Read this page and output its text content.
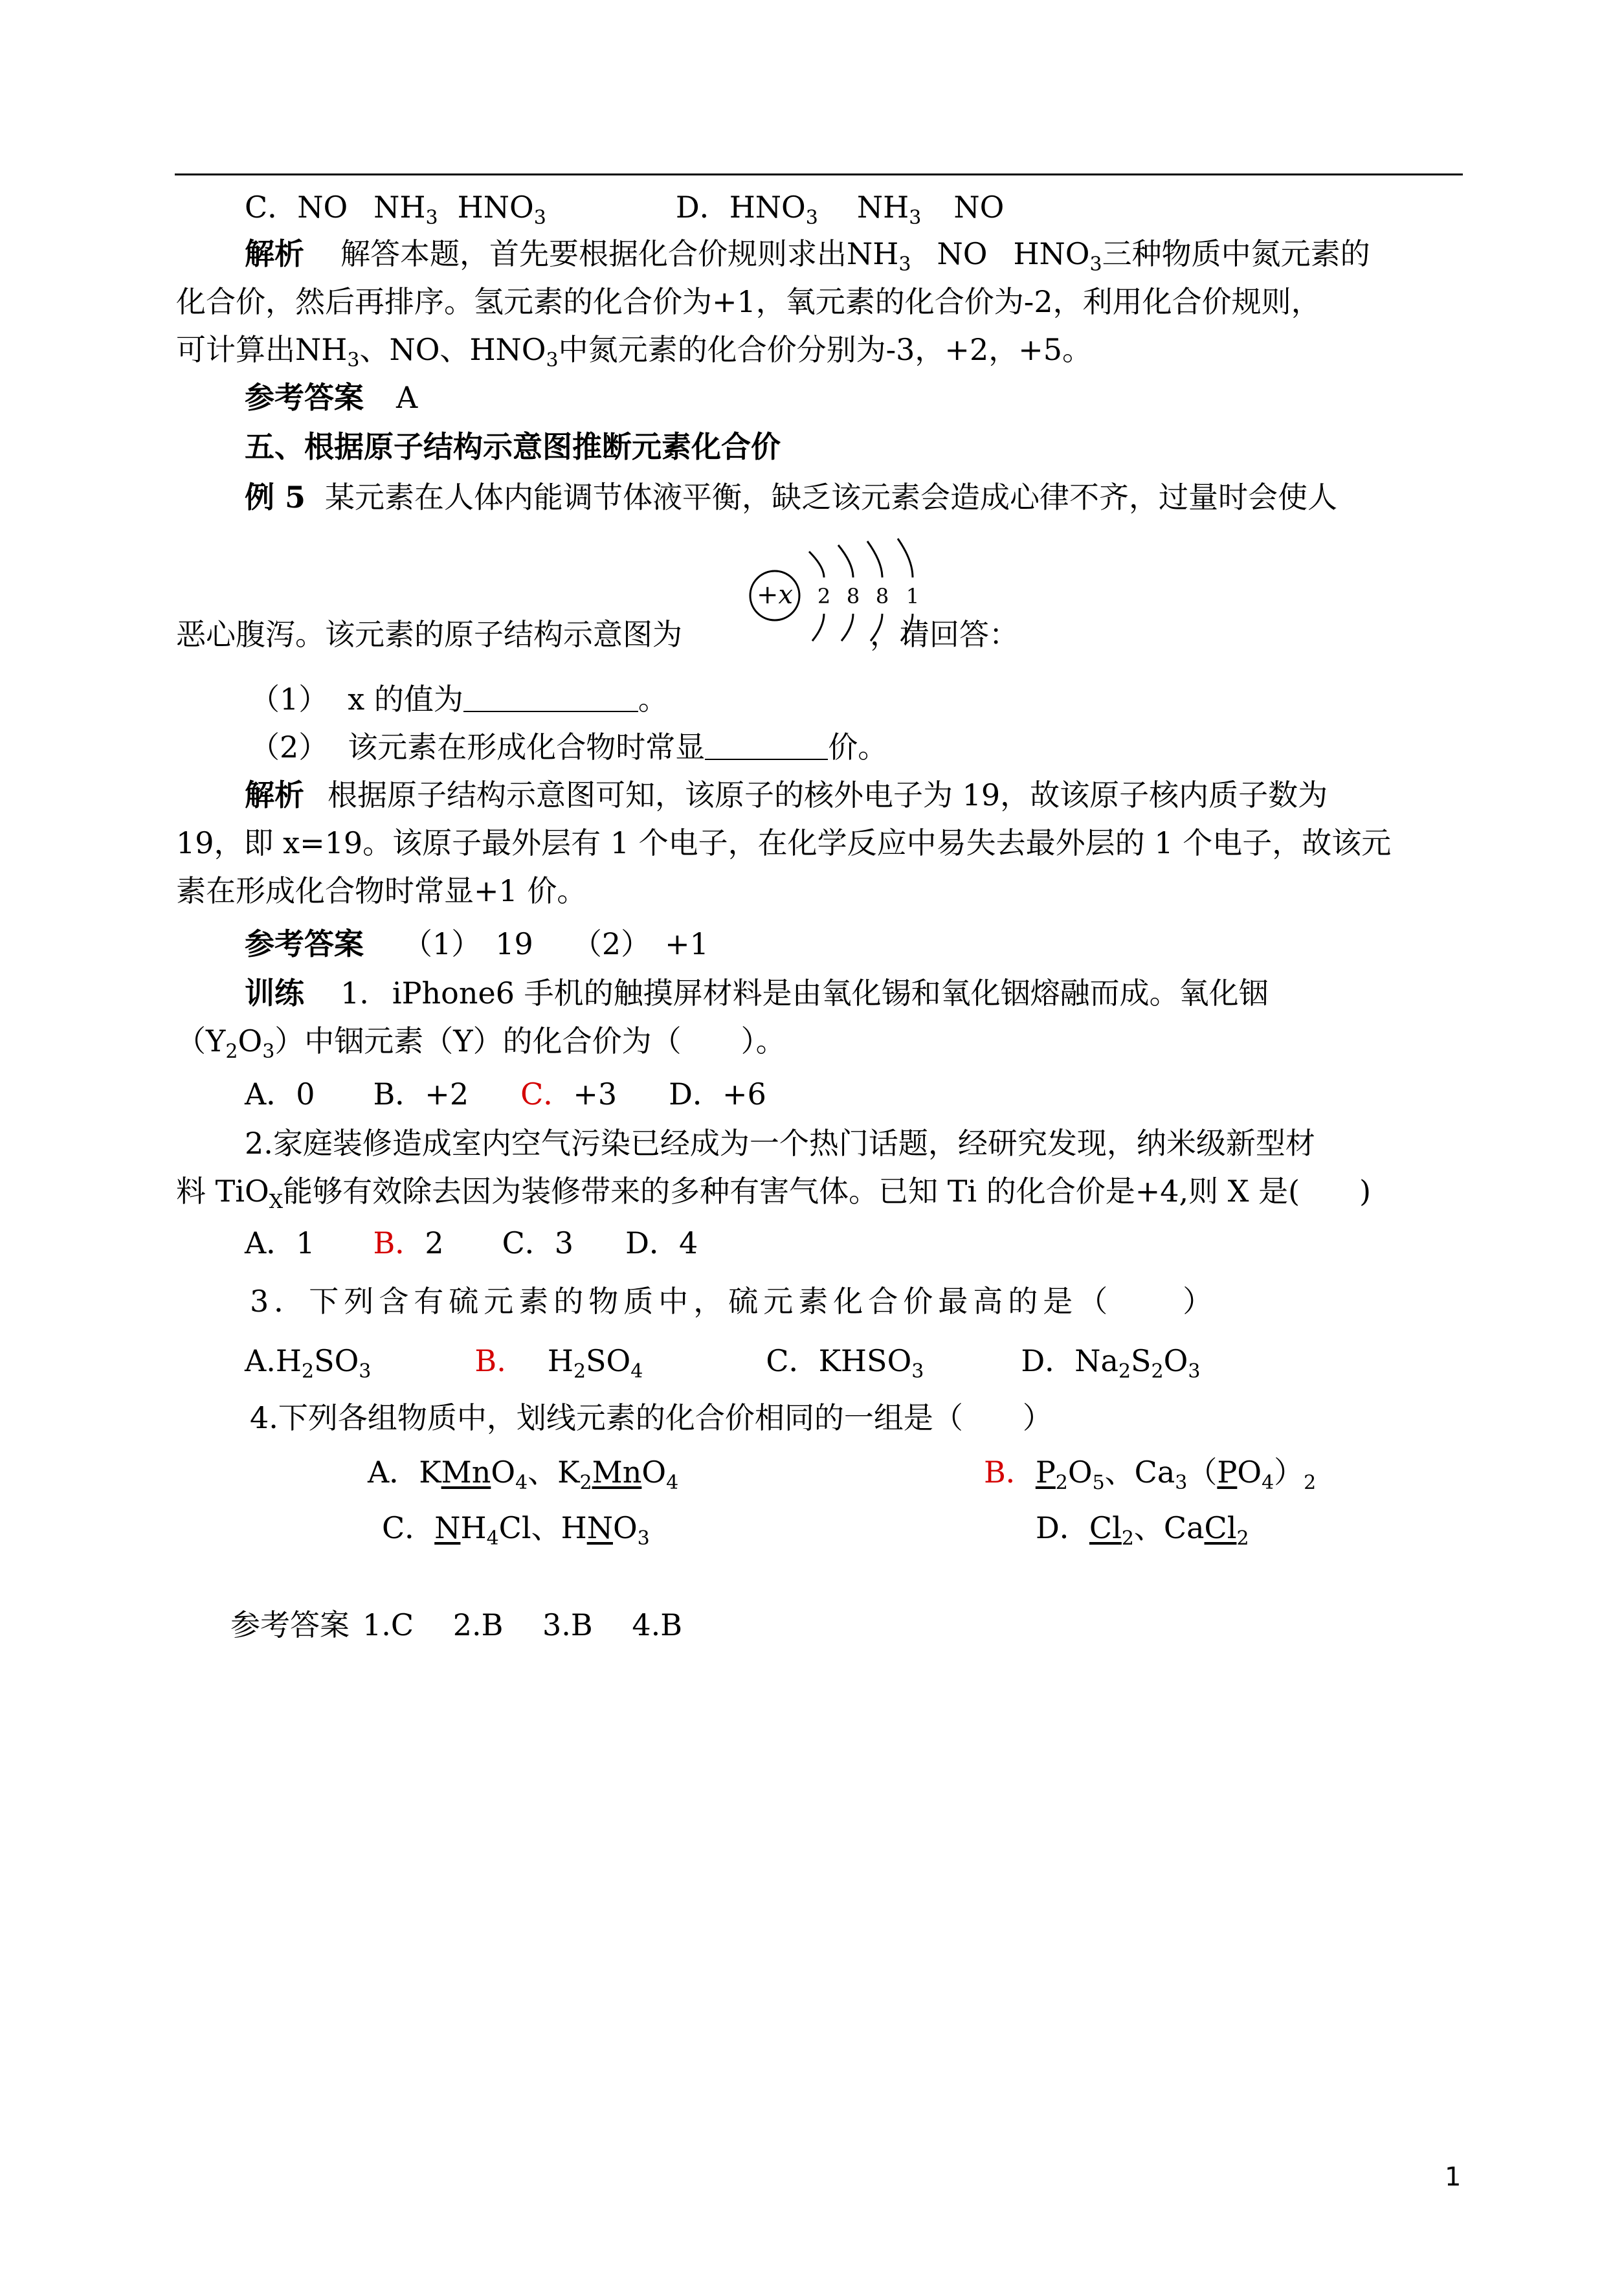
C．NO $NH_3$ $HNO_3$	D．$HNO_3$ $NH_3$ NO
解析 解答本题，首先要根据化合价规则求出$NH_3$ NO $HNO_3$三种物质中氮元素的
化合价，然后再排序。氢元素的化合价为+1，氧元素的化合价为-2，利用化合价规则，
可计算出$NH_3$、NO、$HNO_3$中氮元素的化合价分别为-3，+2，+5。
参考答案 A
五、根据原子结构示意图推断元素化合价
例 5 某元素在人体内能调节体液平衡，缺乏该元素会造成心律不齐，过量时会使人
+x 2 8 8 1
恶心腹泻。该元素的原子结构示意图为	，请回答：
（1） x 的值为	。
（2） 该元素在形成化合物时常显	价。
解析 根据原子结构示意图可知，该原子的核外电子为 19，故该原子核内质子数为
19，即 x=19。该原子最外层有 1 个电子，在化学反应中易失去最外层的 1 个电子，故该元
素在形成化合物时常显+1 价。
参考答案 （1） 19 （2） +1
训练 1. iPhone6 手机的触摸屏材料是由氧化锡和氧化铟熔融而成。氧化铟
$(Y_2O_3)$中铟元素（Y）的化合价为（　　）。
A．0 B．+2 C．+3 D．+6
2.家庭装修造成室内空气污染已经成为一个热门话题，经研究发现，纳米级新型材
料 TiO$_X$能够有效除去因为装修带来的多种有害气体。已知 Ti 的化合价是+4,则 X 是(　　)
A．1 B．2 C．3 D．4
3．下列含有硫元素的物质中，硫元素化合价最高的是（　　）
$A.H_2SO_3$	B. $H_2SO_4$	C．$KHSO_3$	D．$Na_2S_2O_3$
4.下列各组物质中，划线元素的化合价相同的一组是（　　）
A．KMnO$_4$、$K_2MnO_4$	B．$P_2O_5$、$Ca_3(PO_4)_2$
C．$NH_4Cl$、$HNO_3$	D．$Cl_2$、CaCl$_2$
参考答案 1.C　 2.B　 3.B　 4.B
1
